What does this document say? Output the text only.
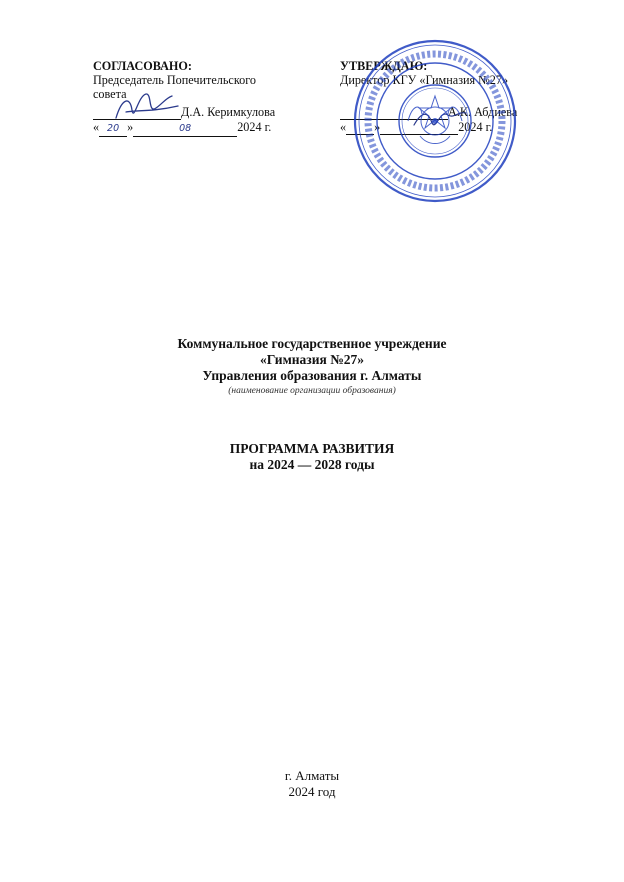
СОГЛАСОВАНО:
Председатель Попечительского
совета
Д.А. Керимкулова
« 20 »	08	2024 г.
УТВЕРЖДАЮ:
Директор КГУ «Гимназия №27»
А.К. Абдиева
« »	2024 г.
Коммунальное государственное учреждение
«Гимназия №27»
Управления образования г. Алматы
(наименование организации образования)
ПРОГРАММА РАЗВИТИЯ
на 2024 — 2028 годы
г. Алматы
2024 год
